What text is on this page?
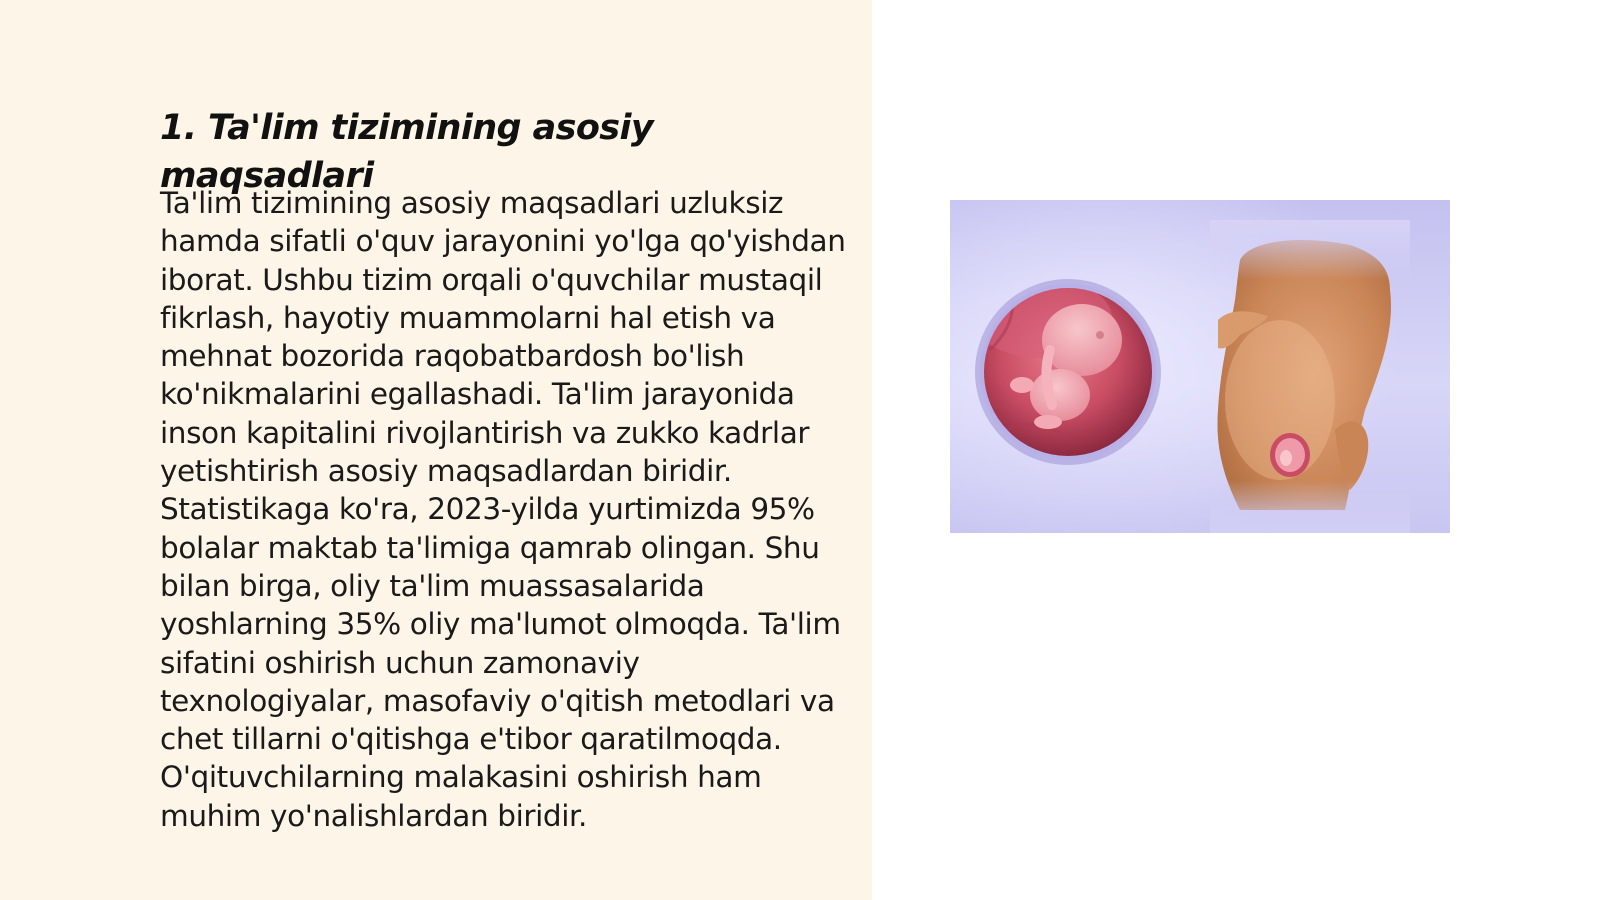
1. Ta'lim tizimining asosiy maqsadlari

Ta'lim tizimining asosiy maqsadlari uzluksiz hamda sifatli o'quv jarayonini yo'lga qo'yishdan iborat. Ushbu tizim orqali o'quvchilar mustaqil fikrlash, hayotiy muammolarni hal etish va mehnat bozorida raqobatbardosh bo'lish ko'nikmalarini egallashadi. Ta'lim jarayonida inson kapitalini rivojlantirish va zukko kadrlar yetishtirish asosiy maqsadlardan biridir. Statistikaga ko'ra, 2023-yilda yurtimizda 95% bolalar maktab ta'limiga qamrab olingan. Shu bilan birga, oliy ta'lim muassasalarida yoshlarning 35% oliy ma'lumot olmoqda. Ta'lim sifatini oshirish uchun zamonaviy texnologiyalar, masofaviy o'qitish metodlari va chet tillarni o'qitishga e'tibor qaratilmoqda. O'qituvchilarning malakasini oshirish ham muhim yo'nalishlardan biridir.
